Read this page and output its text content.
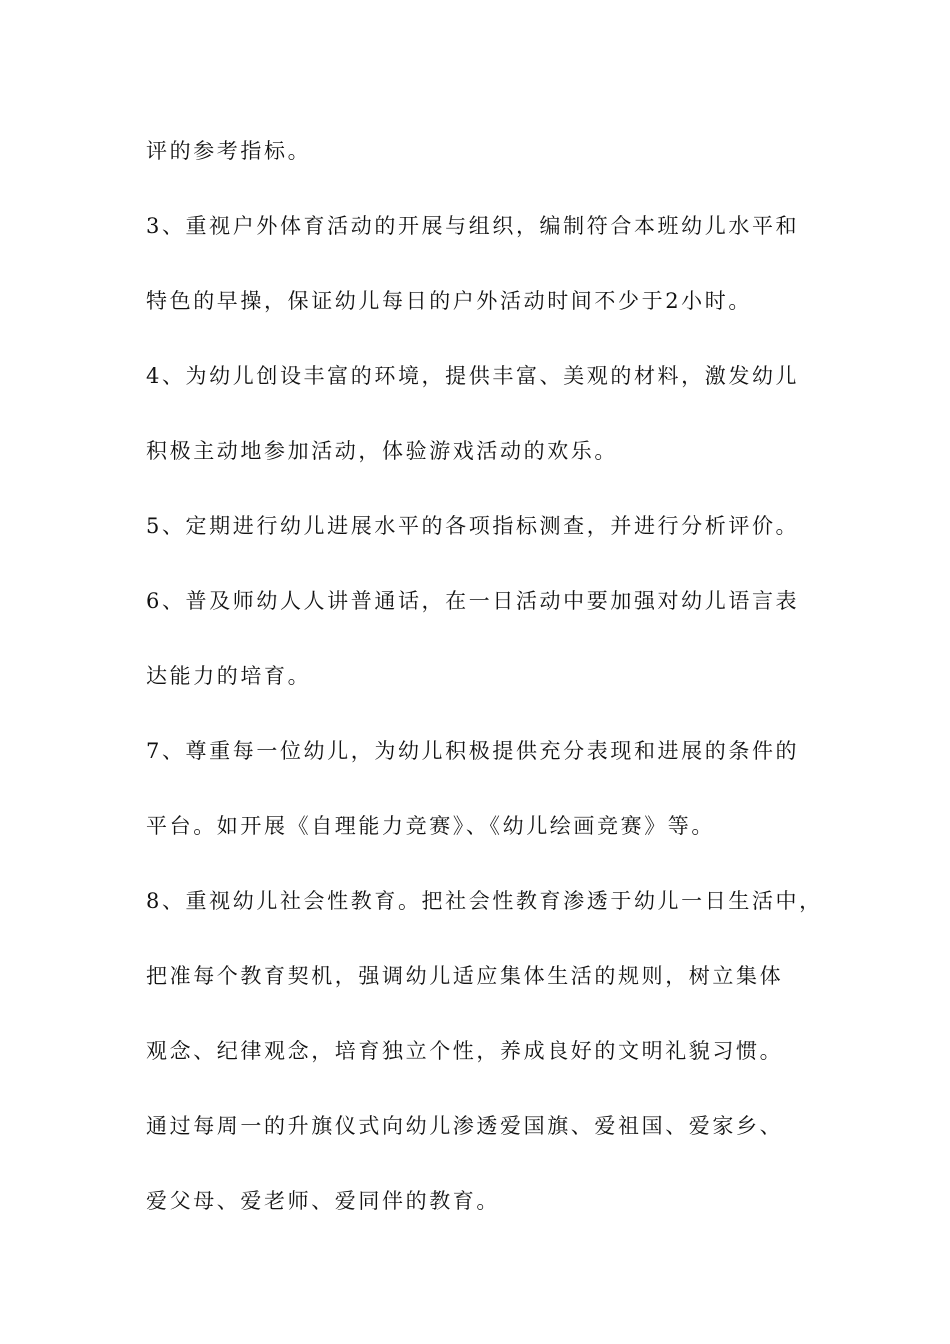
评的参考指标。
3、重视户外体育活动的开展与组织，编制符合本班幼儿水平和
特色的早操，保证幼儿每日的户外活动时间不少于2小时。
4、为幼儿创设丰富的环境，提供丰富、美观的材料，激发幼儿
积极主动地参加活动，体验游戏活动的欢乐。
5、定期进行幼儿进展水平的各项指标测查，并进行分析评价。
6、普及师幼人人讲普通话，在一日活动中要加强对幼儿语言表
达能力的培育。
7、尊重每一位幼儿，为幼儿积极提供充分表现和进展的条件的
平台。如开展《自理能力竞赛》、《幼儿绘画竞赛》等。
8、重视幼儿社会性教育。把社会性教育渗透于幼儿一日生活中，
把准每个教育契机，强调幼儿适应集体生活的规则，树立集体
观念、纪律观念，培育独立个性，养成良好的文明礼貌习惯。
通过每周一的升旗仪式向幼儿渗透爱国旗、爱祖国、爱家乡、
爱父母、爱老师、爱同伴的教育。
